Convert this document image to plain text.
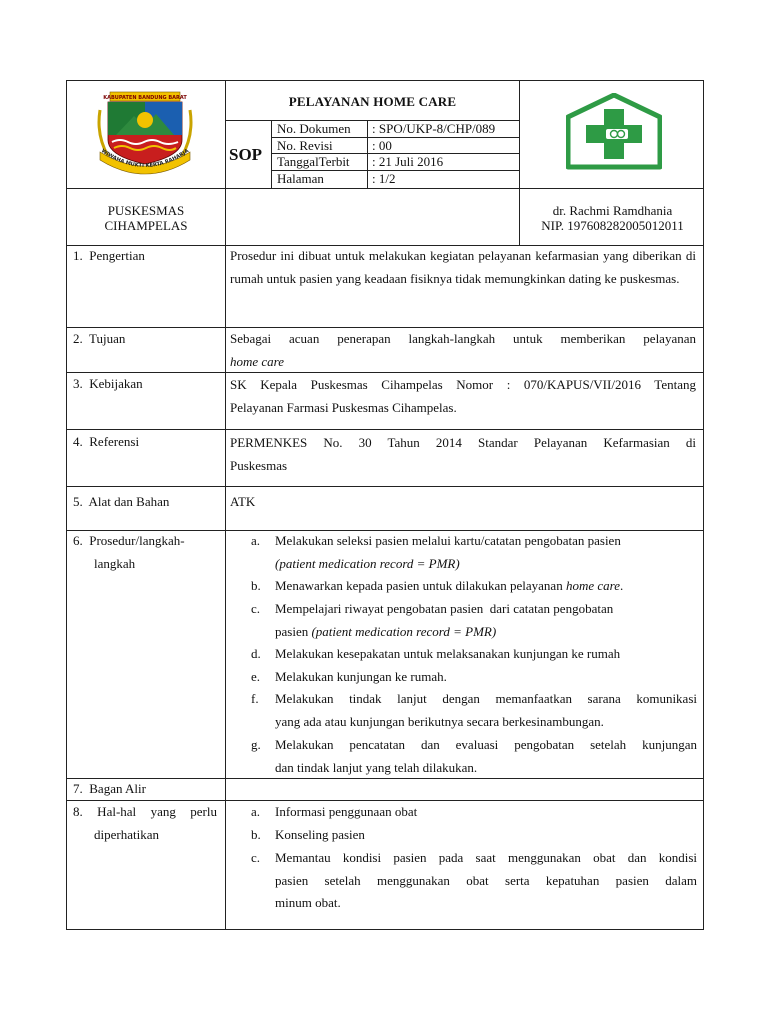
KABUPATEN BANDUNG BARAT
WIWAHA MUKTI KERTA RAHARJA
PELAYANAN HOME CARE
SOP
No. Dokumen : SPO/UKP-8/CHP/089
No. Revisi	: 00
TanggalTerbit : 21 Juli 2016
Halaman	: 1/2
PUSKESMAS
CIHAMPELAS
dr. Rachmi Ramdhania
NIP. 197608282005012011
1.  Pengertian	Prosedur ini dibuat untuk melakukan kegiatan pelayanan kefarmasian yang diberikan di rumah untuk pasien yang keadaan fisiknya tidak memungkinkan dating ke puskesmas.
2.  Tujuan	Sebagai acuan penerapan langkah-langkah untuk memberikan pelayanan
home care
3.  Kebijakan	SK Kepala Puskesmas Cihampelas Nomor : 070/KAPUS/VII/2016 Tentang
Pelayanan Farmasi Puskesmas Cihampelas.
4.  Referensi	PERMENKES No. 30 Tahun 2014 Standar Pelayanan Kefarmasian di
Puskesmas
5.  Alat dan Bahan	ATK
6.  Prosedur/langkah-
langkah
a.	Melakukan seleksi pasien melalui kartu/catatan pengobatan pasien
(patient medication record = PMR)
b.	Menawarkan kepada pasien untuk dilakukan pelayanan home care.
c.	Mempelajari riwayat pengobatan pasien  dari catatan pengobatan
pasien (patient medication record = PMR)
d.	Melakukan kesepakatan untuk melaksanakan kunjungan ke rumah
e.	Melakukan kunjungan ke rumah.
f.	Melakukan tindak lanjut dengan memanfaatkan sarana komunikasi
yang ada atau kunjungan berikutnya secara berkesinambungan.
g.	Melakukan pencatatan dan evaluasi pengobatan setelah kunjungan
dan tindak lanjut yang telah dilakukan.
7.  Bagan Alir
8. Hal-hal yang perlu
diperhatikan
a.	Informasi penggunaan obat
b.	Konseling pasien
c.	Memantau kondisi pasien pada saat menggunakan obat dan kondisi
pasien setelah menggunakan obat serta kepatuhan pasien dalam
minum obat.
